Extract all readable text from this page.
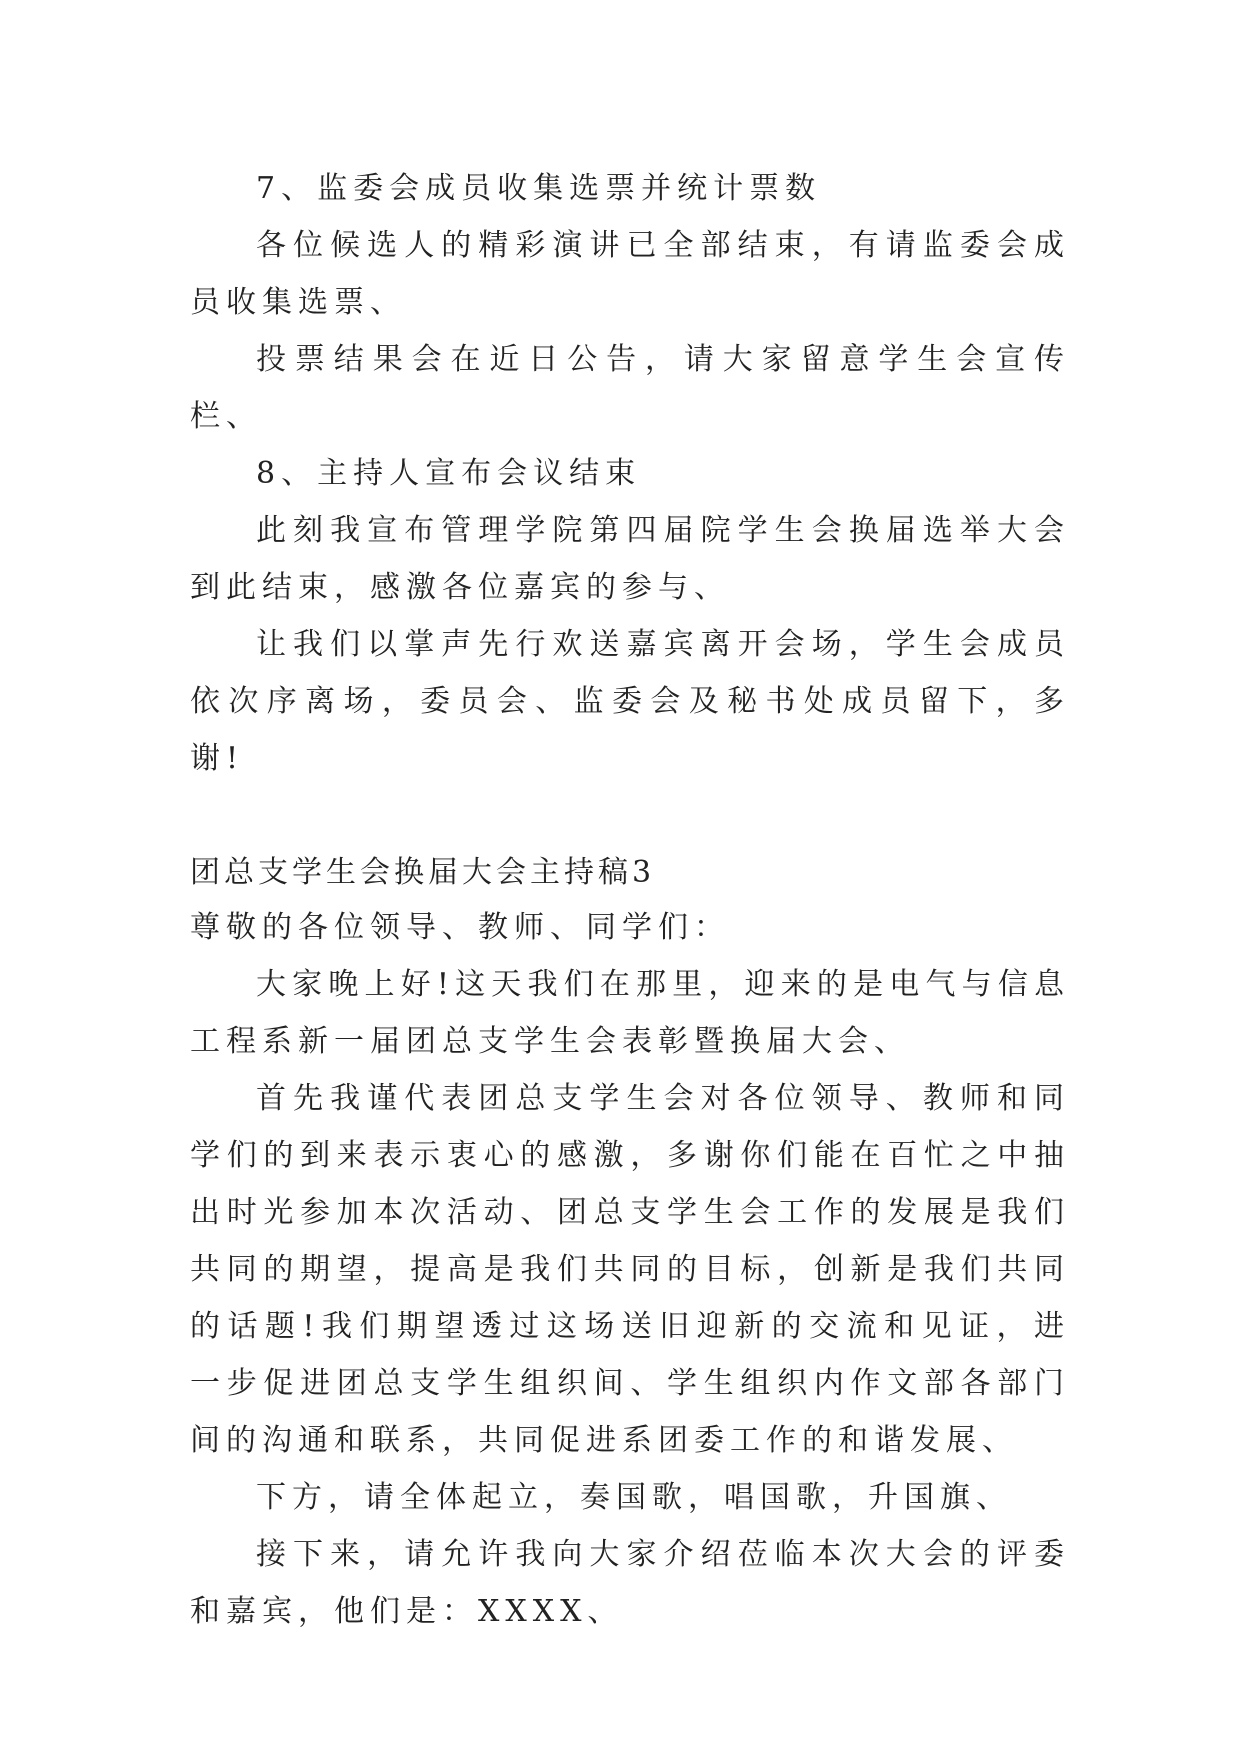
7、监委会成员收集选票并统计票数

各位候选人的精彩演讲已全部结束，有请监委会成员收集选票、

投票结果会在近日公告，请大家留意学生会宣传栏、

8、主持人宣布会议结束

此刻我宣布管理学院第四届院学生会换届选举大会到此结束，感激各位嘉宾的参与、

让我们以掌声先行欢送嘉宾离开会场，学生会成员依次序离场，委员会、监委会及秘书处成员留下，多谢!

团总支学生会换届大会主持稿3

尊敬的各位领导、教师、同学们：

大家晚上好!这天我们在那里，迎来的是电气与信息工程系新一届团总支学生会表彰暨换届大会、

首先我谨代表团总支学生会对各位领导、教师和同学们的到来表示衷心的感激，多谢你们能在百忙之中抽出时光参加本次活动、团总支学生会工作的发展是我们共同的期望，提高是我们共同的目标，创新是我们共同的话题!我们期望透过这场送旧迎新的交流和见证，进一步促进团总支学生组织间、学生组织内作文部各部门间的沟通和联系，共同促进系团委工作的和谐发展、

下方，请全体起立，奏国歌，唱国歌，升国旗、

接下来，请允许我向大家介绍莅临本次大会的评委和嘉宾，他们是：XXXX、
